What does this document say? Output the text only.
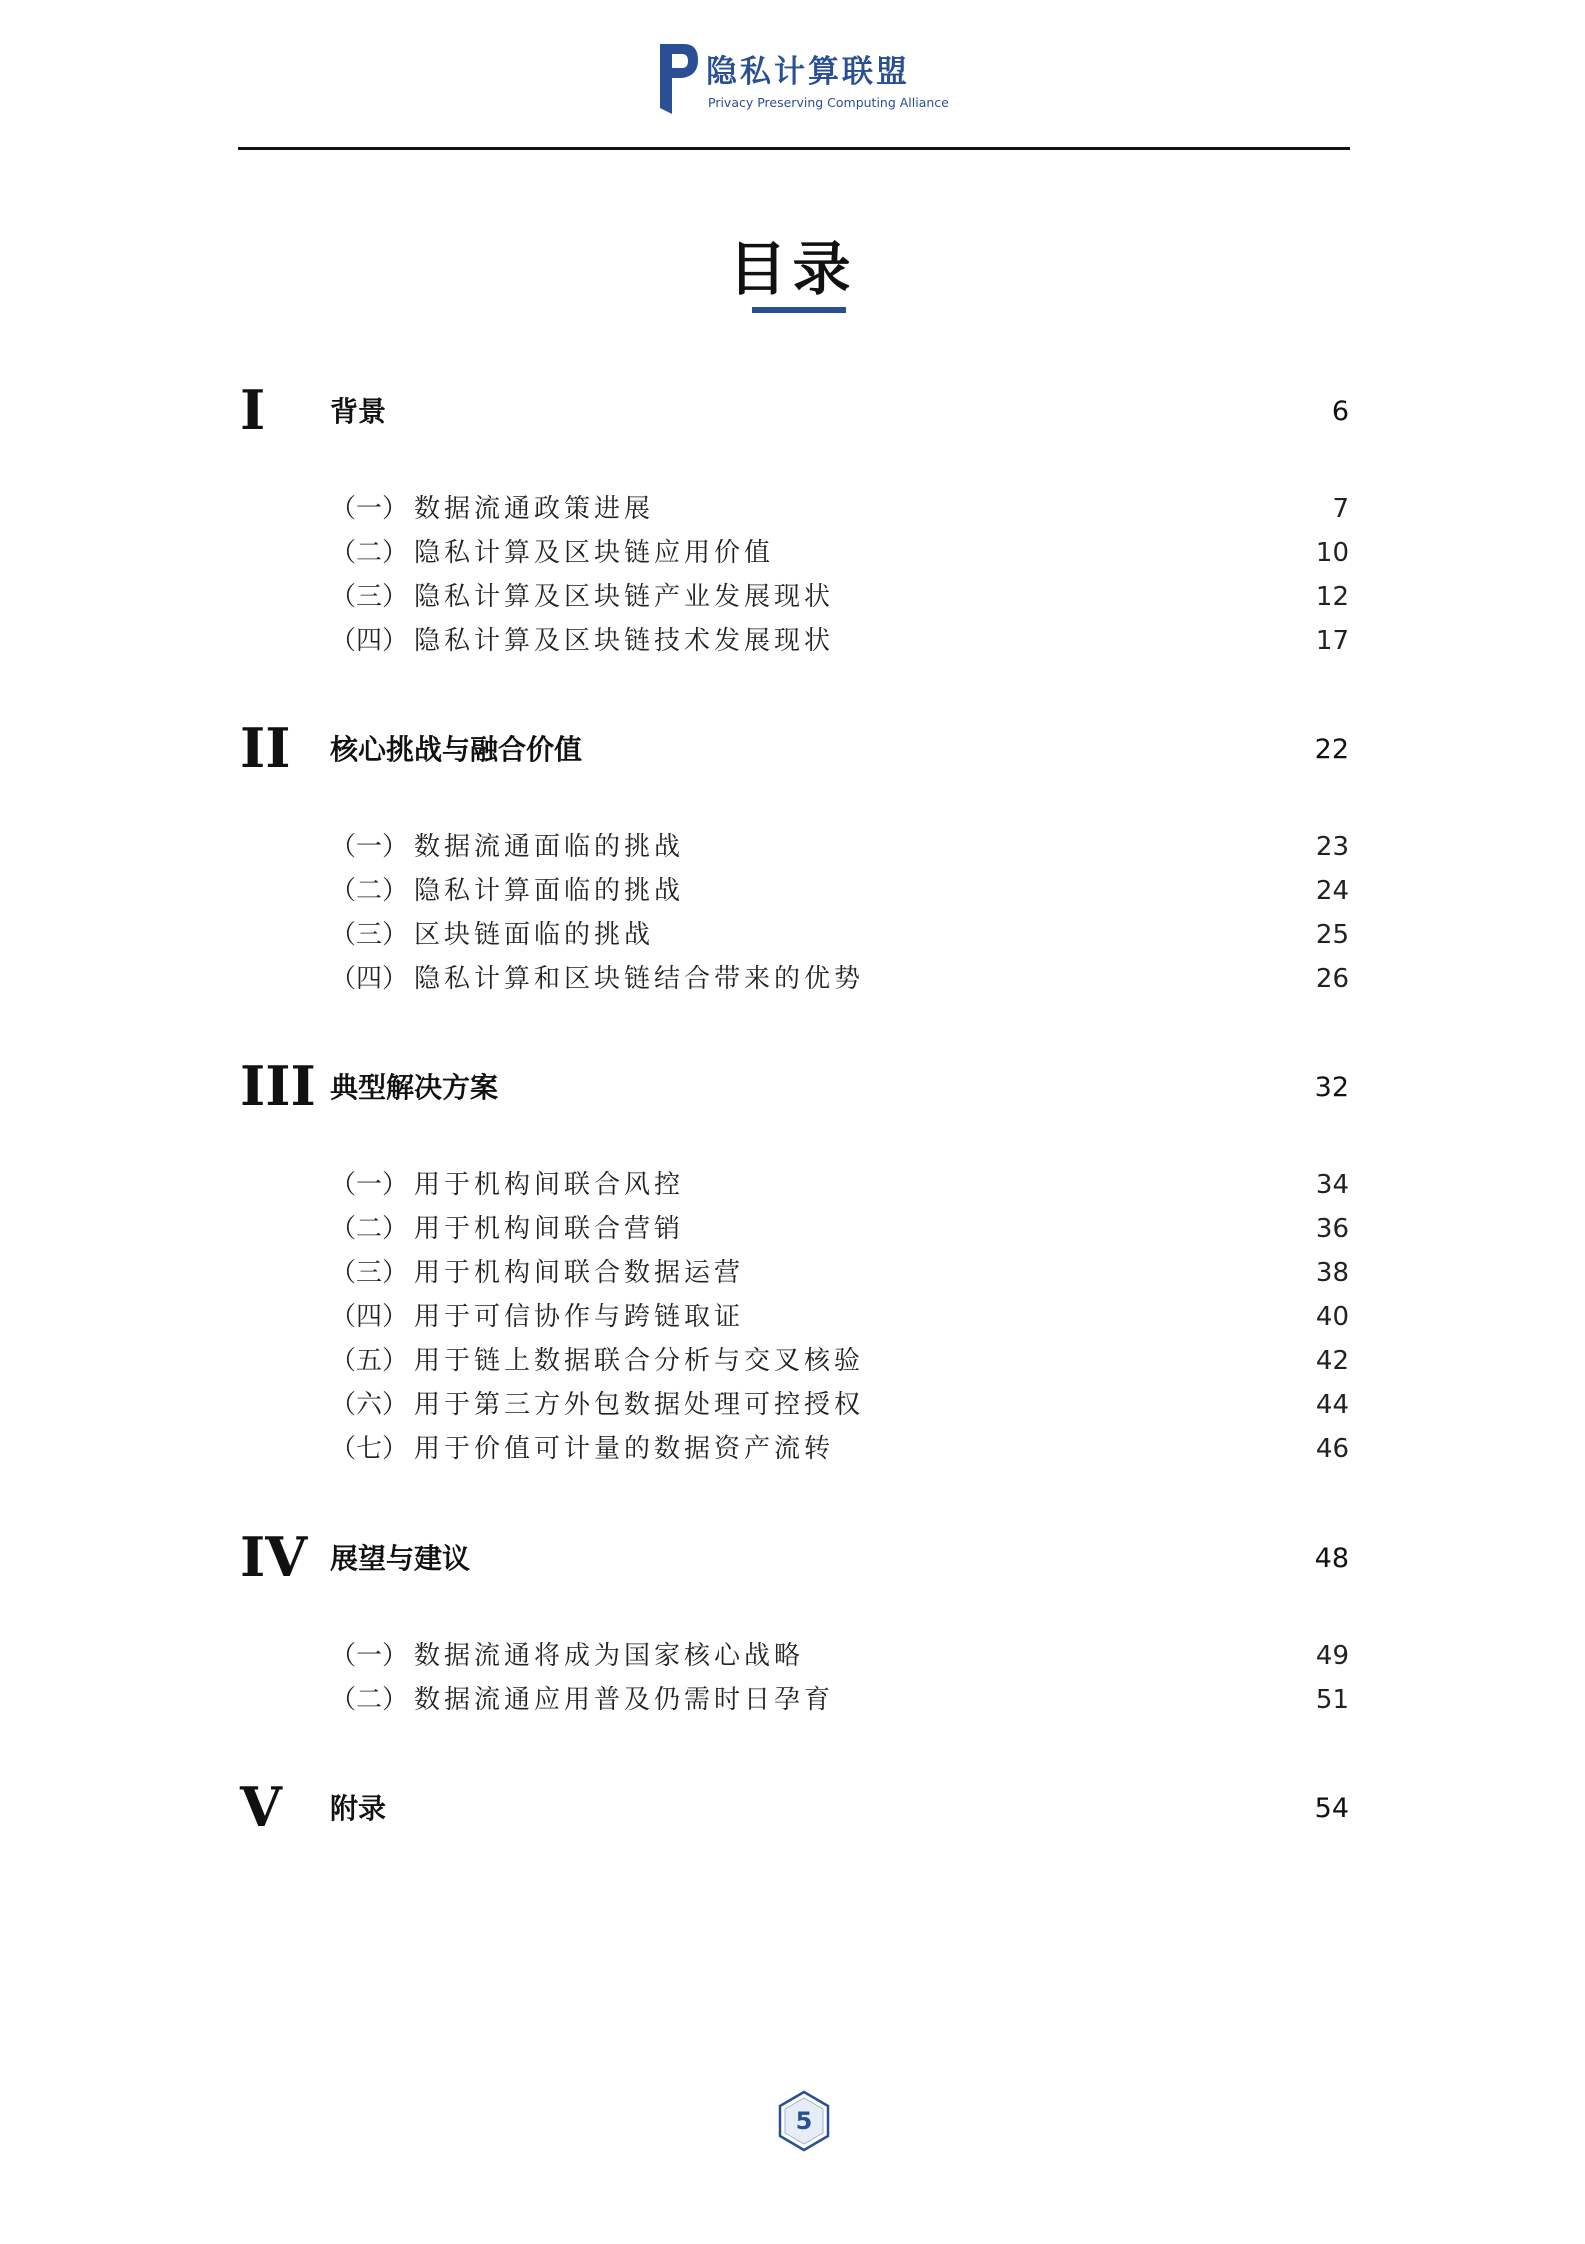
隐私计算联盟
Privacy Preserving Computing Alliance
目录
I 背景	6
（一） 数据流通政策进展	7
（二） 隐私计算及区块链应用价值	10
（三） 隐私计算及区块链产业发展现状	12
（四） 隐私计算及区块链技术发展现状	17
II 核心挑战与融合价值	22
（一） 数据流通面临的挑战	23
（二） 隐私计算面临的挑战	24
（三） 区块链面临的挑战	25
（四） 隐私计算和区块链结合带来的优势	26
III 典型解决方案	32
（一） 用于机构间联合风控	34
（二） 用于机构间联合营销	36
（三） 用于机构间联合数据运营	38
（四） 用于可信协作与跨链取证	40
（五） 用于链上数据联合分析与交叉核验	42
（六） 用于第三方外包数据处理可控授权	44
（七） 用于价值可计量的数据资产流转	46
IV 展望与建议	48
（一） 数据流通将成为国家核心战略	49
（二） 数据流通应用普及仍需时日孕育	51
V 附录	54
5
